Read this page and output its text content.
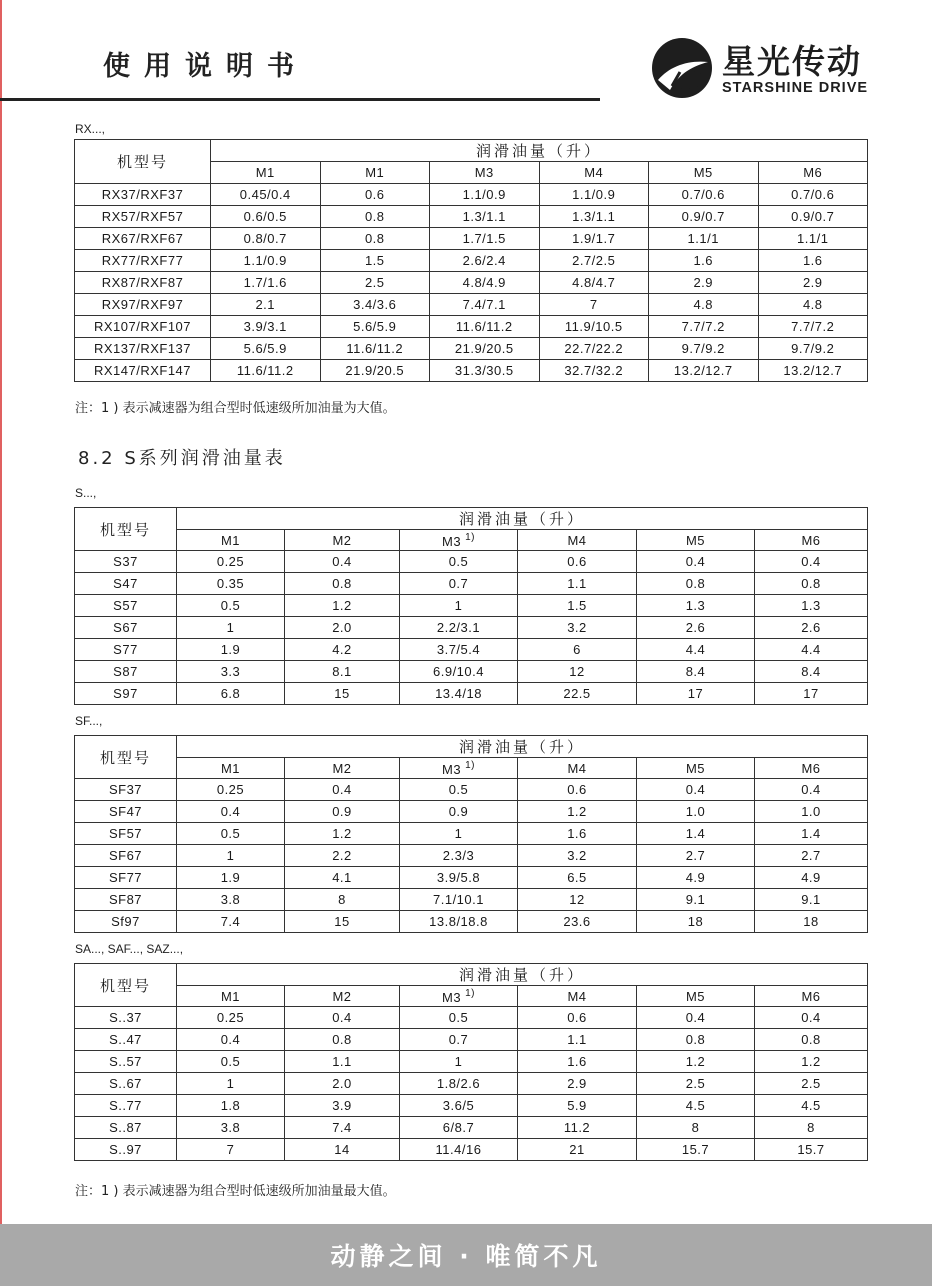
使用说明书	星光传动
STARSHINE DRIVE
RX...,
机型号	润滑油量（升）					
	M1	M1	M3	M4	M5	M6
RX37/RXF37	0.45/0.4	0.6	1.1/0.9	1.1/0.9	0.7/0.6	0.7/0.6
RX57/RXF57	0.6/0.5	0.8	1.3/1.1	1.3/1.1	0.9/0.7	0.9/0.7
RX67/RXF67	0.8/0.7	0.8	1.7/1.5	1.9/1.7	1.1/1	1.1/1
RX77/RXF77	1.1/0.9	1.5	2.6/2.4	2.7/2.5	1.6	1.6
RX87/RXF87	1.7/1.6	2.5	4.8/4.9	4.8/4.7	2.9	2.9
RX97/RXF97	2.1	3.4/3.6	7.4/7.1	7	4.8	4.8
RX107/RXF107	3.9/3.1	5.6/5.9	11.6/11.2	11.9/10.5	7.7/7.2	7.7/7.2
RX137/RXF137	5.6/5.9	11.6/11.2	21.9/20.5	22.7/22.2	9.7/9.2	9.7/9.2
RX147/RXF147	11.6/11.2	21.9/20.5	31.3/30.5	32.7/32.2	13.2/12.7	13.2/12.7
注：1 ) 表示减速器为组合型时低速级所加油量为大值。
8.2 S系列润滑油量表
S...,
机型号	润滑油量（升）					
	M1	M2	M3 $^{1)}$	M4	M5	M6
S37	0.25	0.4	0.5	0.6	0.4	0.4
S47	0.35	0.8	0.7	1.1	0.8	0.8
S57	0.5	1.2	1	1.5	1.3	1.3
S67	1	2.0	2.2/3.1	3.2	2.6	2.6
S77	1.9	4.2	3.7/5.4	6	4.4	4.4
S87	3.3	8.1	6.9/10.4	12	8.4	8.4
S97	6.8	15	13.4/18	22.5	17	17
SF...,
机型号	润滑油量（升）					
	M1	M2	M3 $^{1)}$	M4	M5	M6
SF37	0.25	0.4	0.5	0.6	0.4	0.4
SF47	0.4	0.9	0.9	1.2	1.0	1.0
SF57	0.5	1.2	1	1.6	1.4	1.4
SF67	1	2.2	2.3/3	3.2	2.7	2.7
SF77	1.9	4.1	3.9/5.8	6.5	4.9	4.9
SF87	3.8	8	7.1/10.1	12	9.1	9.1
Sf97	7.4	15	13.8/18.8	23.6	18	18
SA..., SAF..., SAZ...,
机型号	润滑油量（升）					
	M1	M2	M3 $^{1)}$	M4	M5	M6
S..37	0.25	0.4	0.5	0.6	0.4	0.4
S..47	0.4	0.8	0.7	1.1	0.8	0.8
S..57	0.5	1.1	1	1.6	1.2	1.2
S..67	1	2.0	1.8/2.6	2.9	2.5	2.5
S..77	1.8	3.9	3.6/5	5.9	4.5	4.5
S..87	3.8	7.4	6/8.7	11.2	8	8
S..97	7	14	11.4/16	21	15.7	15.7
注：1 ) 表示减速器为组合型时低速级所加油量最大值。
动静之间 · 唯简不凡
